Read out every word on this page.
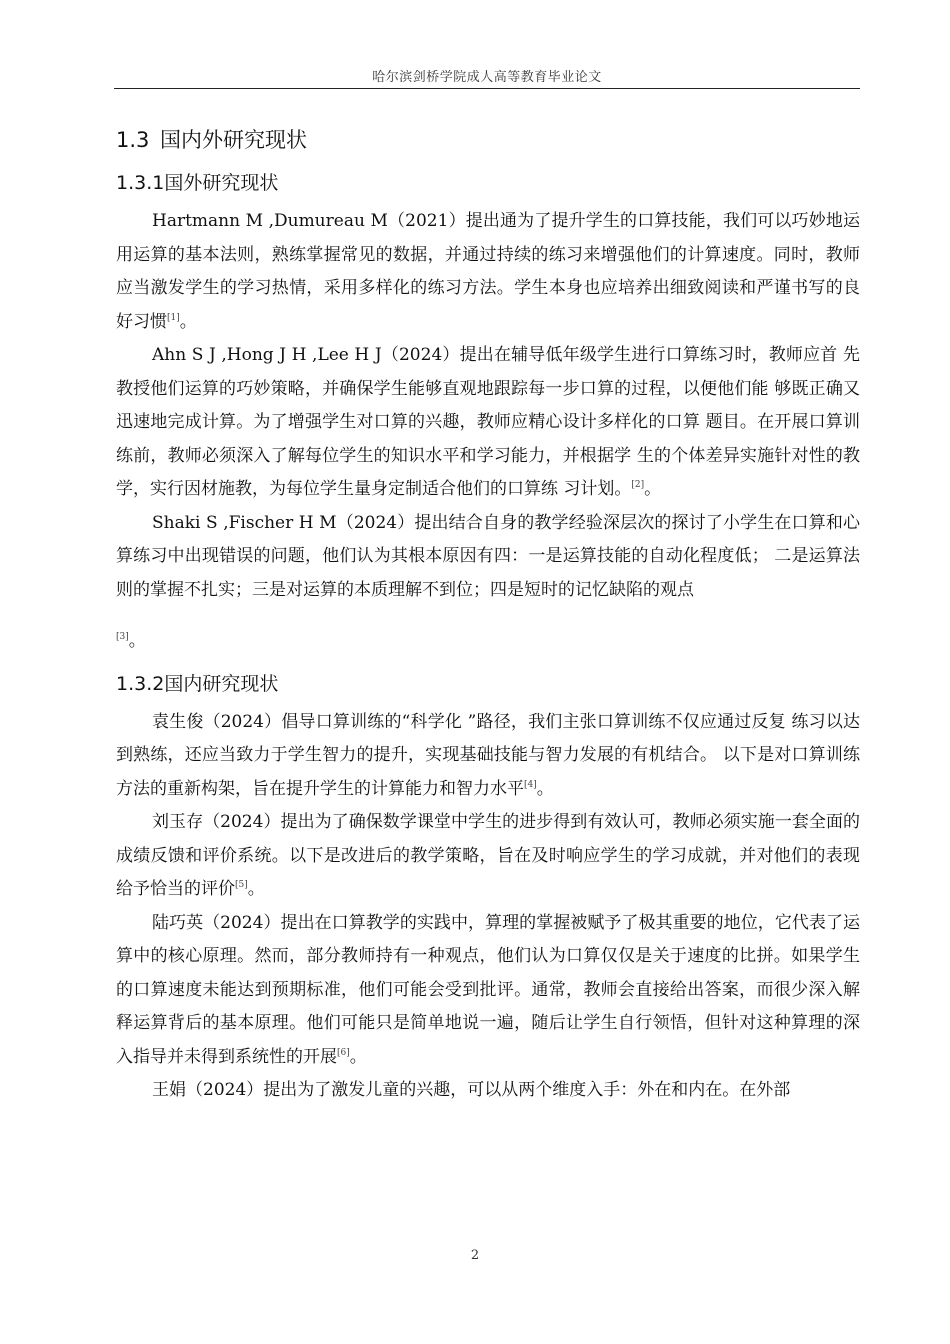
哈尔滨剑桥学院成人高等教育毕业论文
1.3 国内外研究现状
1.3.1国外研究现状

Hartmann M ,Dumureau M（2021）提出通为了提升学生的口算技能，我们可以巧妙地运用运算的基本法则，熟练掌握常见的数据，并通过持续的练习来增强他们的计算速度。同时，教师应当激发学生的学习热情，采用多样化的练习方法。学生本身也应培养出细致阅读和严谨书写的良好习惯[1]。

Ahn S J ,Hong J H ,Lee H J（2024）提出在辅导低年级学生进行口算练习时，教师应首 先教授他们运算的巧妙策略，并确保学生能够直观地跟踪每一步口算的过程，以便他们能 够既正确又迅速地完成计算。为了增强学生对口算的兴趣，教师应精心设计多样化的口算 题目。在开展口算训练前，教师必须深入了解每位学生的知识水平和学习能力，并根据学 生的个体差异实施针对性的教学，实行因材施教，为每位学生量身定制适合他们的口算练 习计划。[2]。

Shaki S ,Fischer H M（2024）提出结合自身的教学经验深层次的探讨了小学生在口算和心算练习中出现错误的问题，他们认为其根本原因有四：一是运算技能的自动化程度低； 二是运算法则的掌握不扎实；三是对运算的本质理解不到位；四是短时的记忆缺陷的观点

[3]。

1.3.2国内研究现状

袁生俊（2024）倡导口算训练的“科学化 ”路径，我们主张口算训练不仅应通过反复 练习以达到熟练，还应当致力于学生智力的提升，实现基础技能与智力发展的有机结合。 以下是对口算训练方法的重新构架，旨在提升学生的计算能力和智力水平[4]。

刘玉存（2024）提出为了确保数学课堂中学生的进步得到有效认可，教师必须实施一套全面的成绩反馈和评价系统。以下是改进后的教学策略，旨在及时响应学生的学习成就，并对他们的表现给予恰当的评价[5]。

陆巧英（2024）提出在口算教学的实践中，算理的掌握被赋予了极其重要的地位，它代表了运算中的核心原理。然而，部分教师持有一种观点，他们认为口算仅仅是关于速度的比拼。如果学生的口算速度未能达到预期标准，他们可能会受到批评。通常，教师会直接给出答案，而很少深入解释运算背后的基本原理。他们可能只是简单地说一遍，随后让学生自行领悟，但针对这种算理的深入指导并未得到系统性的开展[6]。

王娟（2024）提出为了激发儿童的兴趣，可以从两个维度入手：外在和内在。在外部

2
